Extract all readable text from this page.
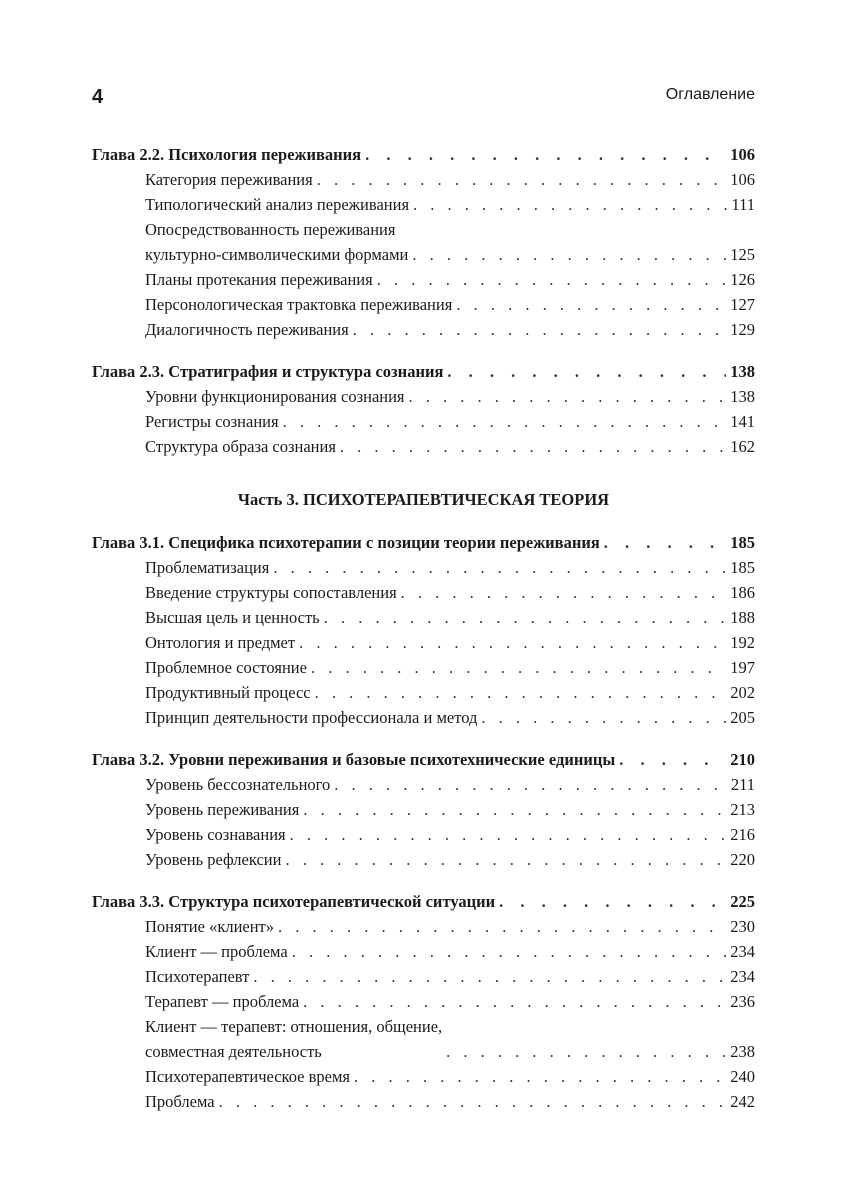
4	Оглавление
Глава 2.2. Психология переживания . . .	106
Категория переживания . . .	106
Типологический анализ переживания . . .	111
Опосредствованность переживания
культурно-символическими формами . . .	125
Планы протекания переживания . . .	126
Персонологическая трактовка переживания . . .	127
Диалогичность переживания . . .	129
Глава 2.3. Стратиграфия и структура сознания . . .	138
Уровни функционирования сознания . . .	138
Регистры сознания . . .	141
Структура образа сознания . . .	162
Часть 3. ПСИХОТЕРАПЕВТИЧЕСКАЯ ТЕОРИЯ
Глава 3.1. Специфика психотерапии с позиции теории переживания . . .	185
Проблематизация . . .	185
Введение структуры сопоставления . . .	186
Высшая цель и ценность . . .	188
Онтология и предмет . . .	192
Проблемное состояние . . .	197
Продуктивный процесс . . .	202
Принцип деятельности профессионала и метод . . .	205
Глава 3.2. Уровни переживания и базовые психотехнические единицы . . .	210
Уровень бессознательного . . .	211
Уровень переживания . . .	213
Уровень сознавания . . .	216
Уровень рефлексии . . .	220
Глава 3.3. Структура психотерапевтической ситуации . . .	225
Понятие «клиент» . . .	230
Клиент — проблема . . .	234
Психотерапевт . . .	234
Терапевт — проблема . . .	236
Клиент — терапевт: отношения, общение,
совместная деятельность . . .	238
Психотерапевтическое время . . .	240
Проблема . . .	242
